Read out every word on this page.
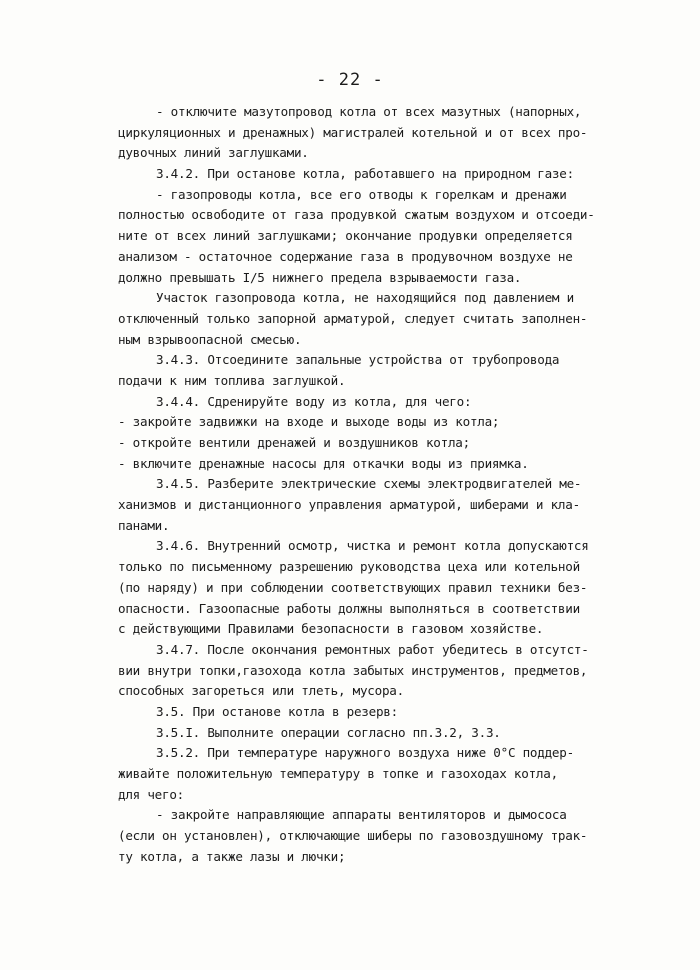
- 22 -
- отключите мазутопровод котла от всех мазутных (напорных,
циркуляционных и дренажных) магистралей котельной и от всех про-
дувочных линий заглушками.
3.4.2. При останове котла, работавшего на природном газе:
- газопроводы котла, все его отводы к горелкам и дренажи
полностью освободите от газа продувкой сжатым воздухом и отсоеди-
ните от всех линий заглушками; окончание продувки определяется
анализом - остаточное содержание газа в продувочном воздухе не
должно превышать I/5 нижнего предела взрываемости газа.
Участок газопровода котла, не находящийся под давлением и
отключенный только запорной арматурой, следует считать заполнен-
ным взрывоопасной смесью.
3.4.3. Отсоедините запальные устройства от трубопровода
подачи к ним топлива заглушкой.
3.4.4. Сдренируйте воду из котла, для чего:
- закройте задвижки на входе и выходе воды из котла;
- откройте вентили дренажей и воздушников котла;
- включите дренажные насосы для откачки воды из приямка.
3.4.5. Разберите электрические схемы электродвигателей ме-
ханизмов и дистанционного управления арматурой, шиберами и кла-
панами.
3.4.6. Внутренний осмотр, чистка и ремонт котла допускаются
только по письменному разрешению руководства цеха или котельной
(по наряду) и при соблюдении соответствующих правил техники без-
опасности. Газоопасные работы должны выполняться в соответствии
с действующими Правилами безопасности в газовом хозяйстве.
3.4.7. После окончания ремонтных работ убедитесь в отсутст-
вии внутри топки,газохода котла забытых инструментов, предметов,
способных загореться или тлеть, мусора.
3.5. При останове котла в резерв:
3.5.I. Выполните операции согласно пп.3.2, 3.3.
3.5.2. При температуре наружного воздуха ниже 0°С поддер-
живайте положительную температуру в топке и газоходах котла,
для чего:
- закройте направляющие аппараты вентиляторов и дымососа
(если он установлен), отключающие шиберы по газовоздушному трак-
ту котла, а также лазы и лючки;
